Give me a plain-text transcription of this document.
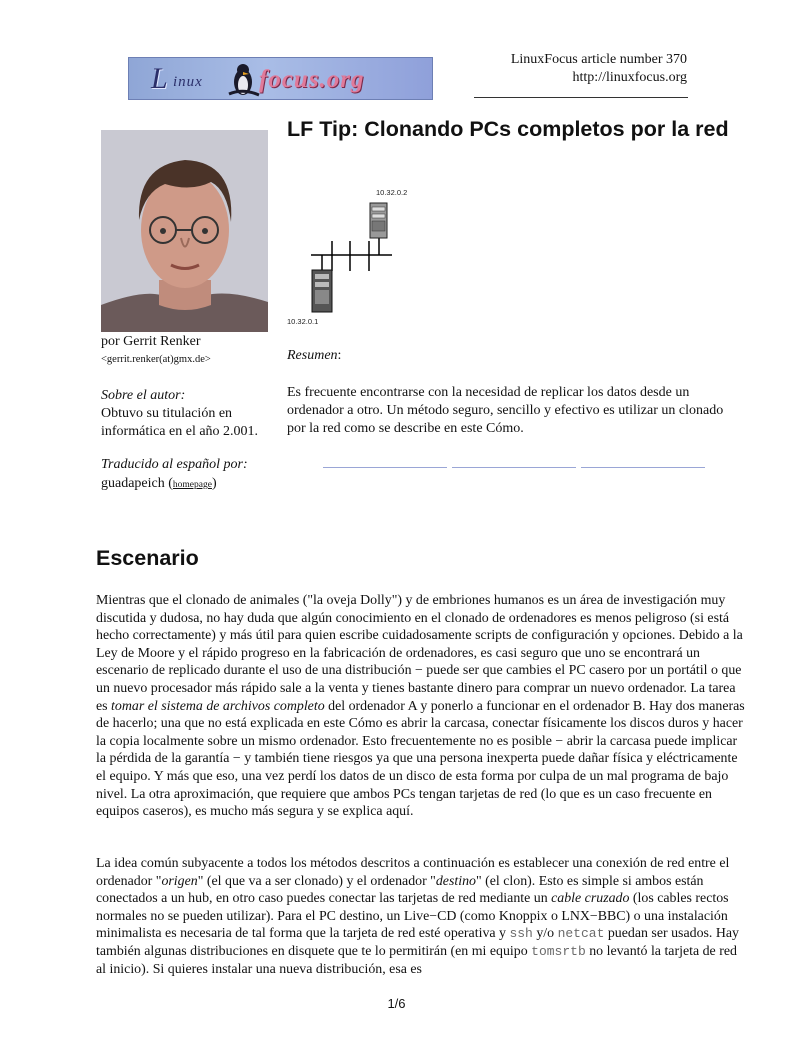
L inux focus.org
LinuxFocus article number 370
http://linuxfocus.org
LF Tip: Clonando PCs completos por la red
10.32.0.2
10.32.0.1
por Gerrit Renker
<gerrit.renker(at)gmx.de>
Sobre el autor:
Obtuvo su titulación en informática en el año 2.001.
Traducido al español por:
guadapeich (homepage)
Resumen:
Es frecuente encontrarse con la necesidad de replicar los datos desde un ordenador a otro. Un método seguro, sencillo y efectivo es utilizar un clonado por la red como se describe en este Cómo.
Escenario

Mientras que el clonado de animales ("la oveja Dolly") y de embriones humanos es un área de investigación muy discutida y dudosa, no hay duda que algún conocimiento en el clonado de ordenadores es menos peligroso (si está hecho correctamente) y más útil para quien escribe cuidadosamente scripts de configuración y opciones. Debido a la Ley de Moore y el rápido progreso en la fabricación de ordenadores, es casi seguro que uno se encontrará un escenario de replicado durante el uso de una distribución − puede ser que cambies el PC casero por un portátil o que un nuevo procesador más rápido sale a la venta y tienes bastante dinero para comprar un nuevo ordenador. La tarea es tomar el sistema de archivos completo del ordenador A y ponerlo a funcionar en el ordenador B. Hay dos maneras de hacerlo; una que no está explicada en este Cómo es abrir la carcasa, conectar físicamente los discos duros y hacer la copia localmente sobre un mismo ordenador. Esto frecuentemente no es posible − abrir la carcasa puede implicar la pérdida de la garantía − y también tiene riesgos ya que una persona inexperta puede dañar física y eléctricamente el equipo. Y más que eso, una vez perdí los datos de un disco de esta forma por culpa de un mal programa de bajo nivel. La otra aproximación, que requiere que ambos PCs tengan tarjetas de red (lo que es un caso frecuente en equipos caseros), es mucho más segura y se explica aquí.

La idea común subyacente a todos los métodos descritos a continuación es establecer una conexión de red entre el ordenador "origen" (el que va a ser clonado) y el ordenador "destino" (el clon). Esto es simple si ambos están conectados a un hub, en otro caso puedes conectar las tarjetas de red mediante un cable cruzado (los cables rectos normales no se pueden utilizar). Para el PC destino, un Live−CD (como Knoppix o LNX−BBC) o una instalación minimalista es necesaria de tal forma que la tarjeta de red esté operativa y ssh y/o netcat puedan ser usados. Hay también algunas distribuciones en disquete que te lo permitirán (en mi equipo tomsrtb no levantó la tarjeta de red al inicio). Si quieres instalar una nueva distribución, esa es

1/6
